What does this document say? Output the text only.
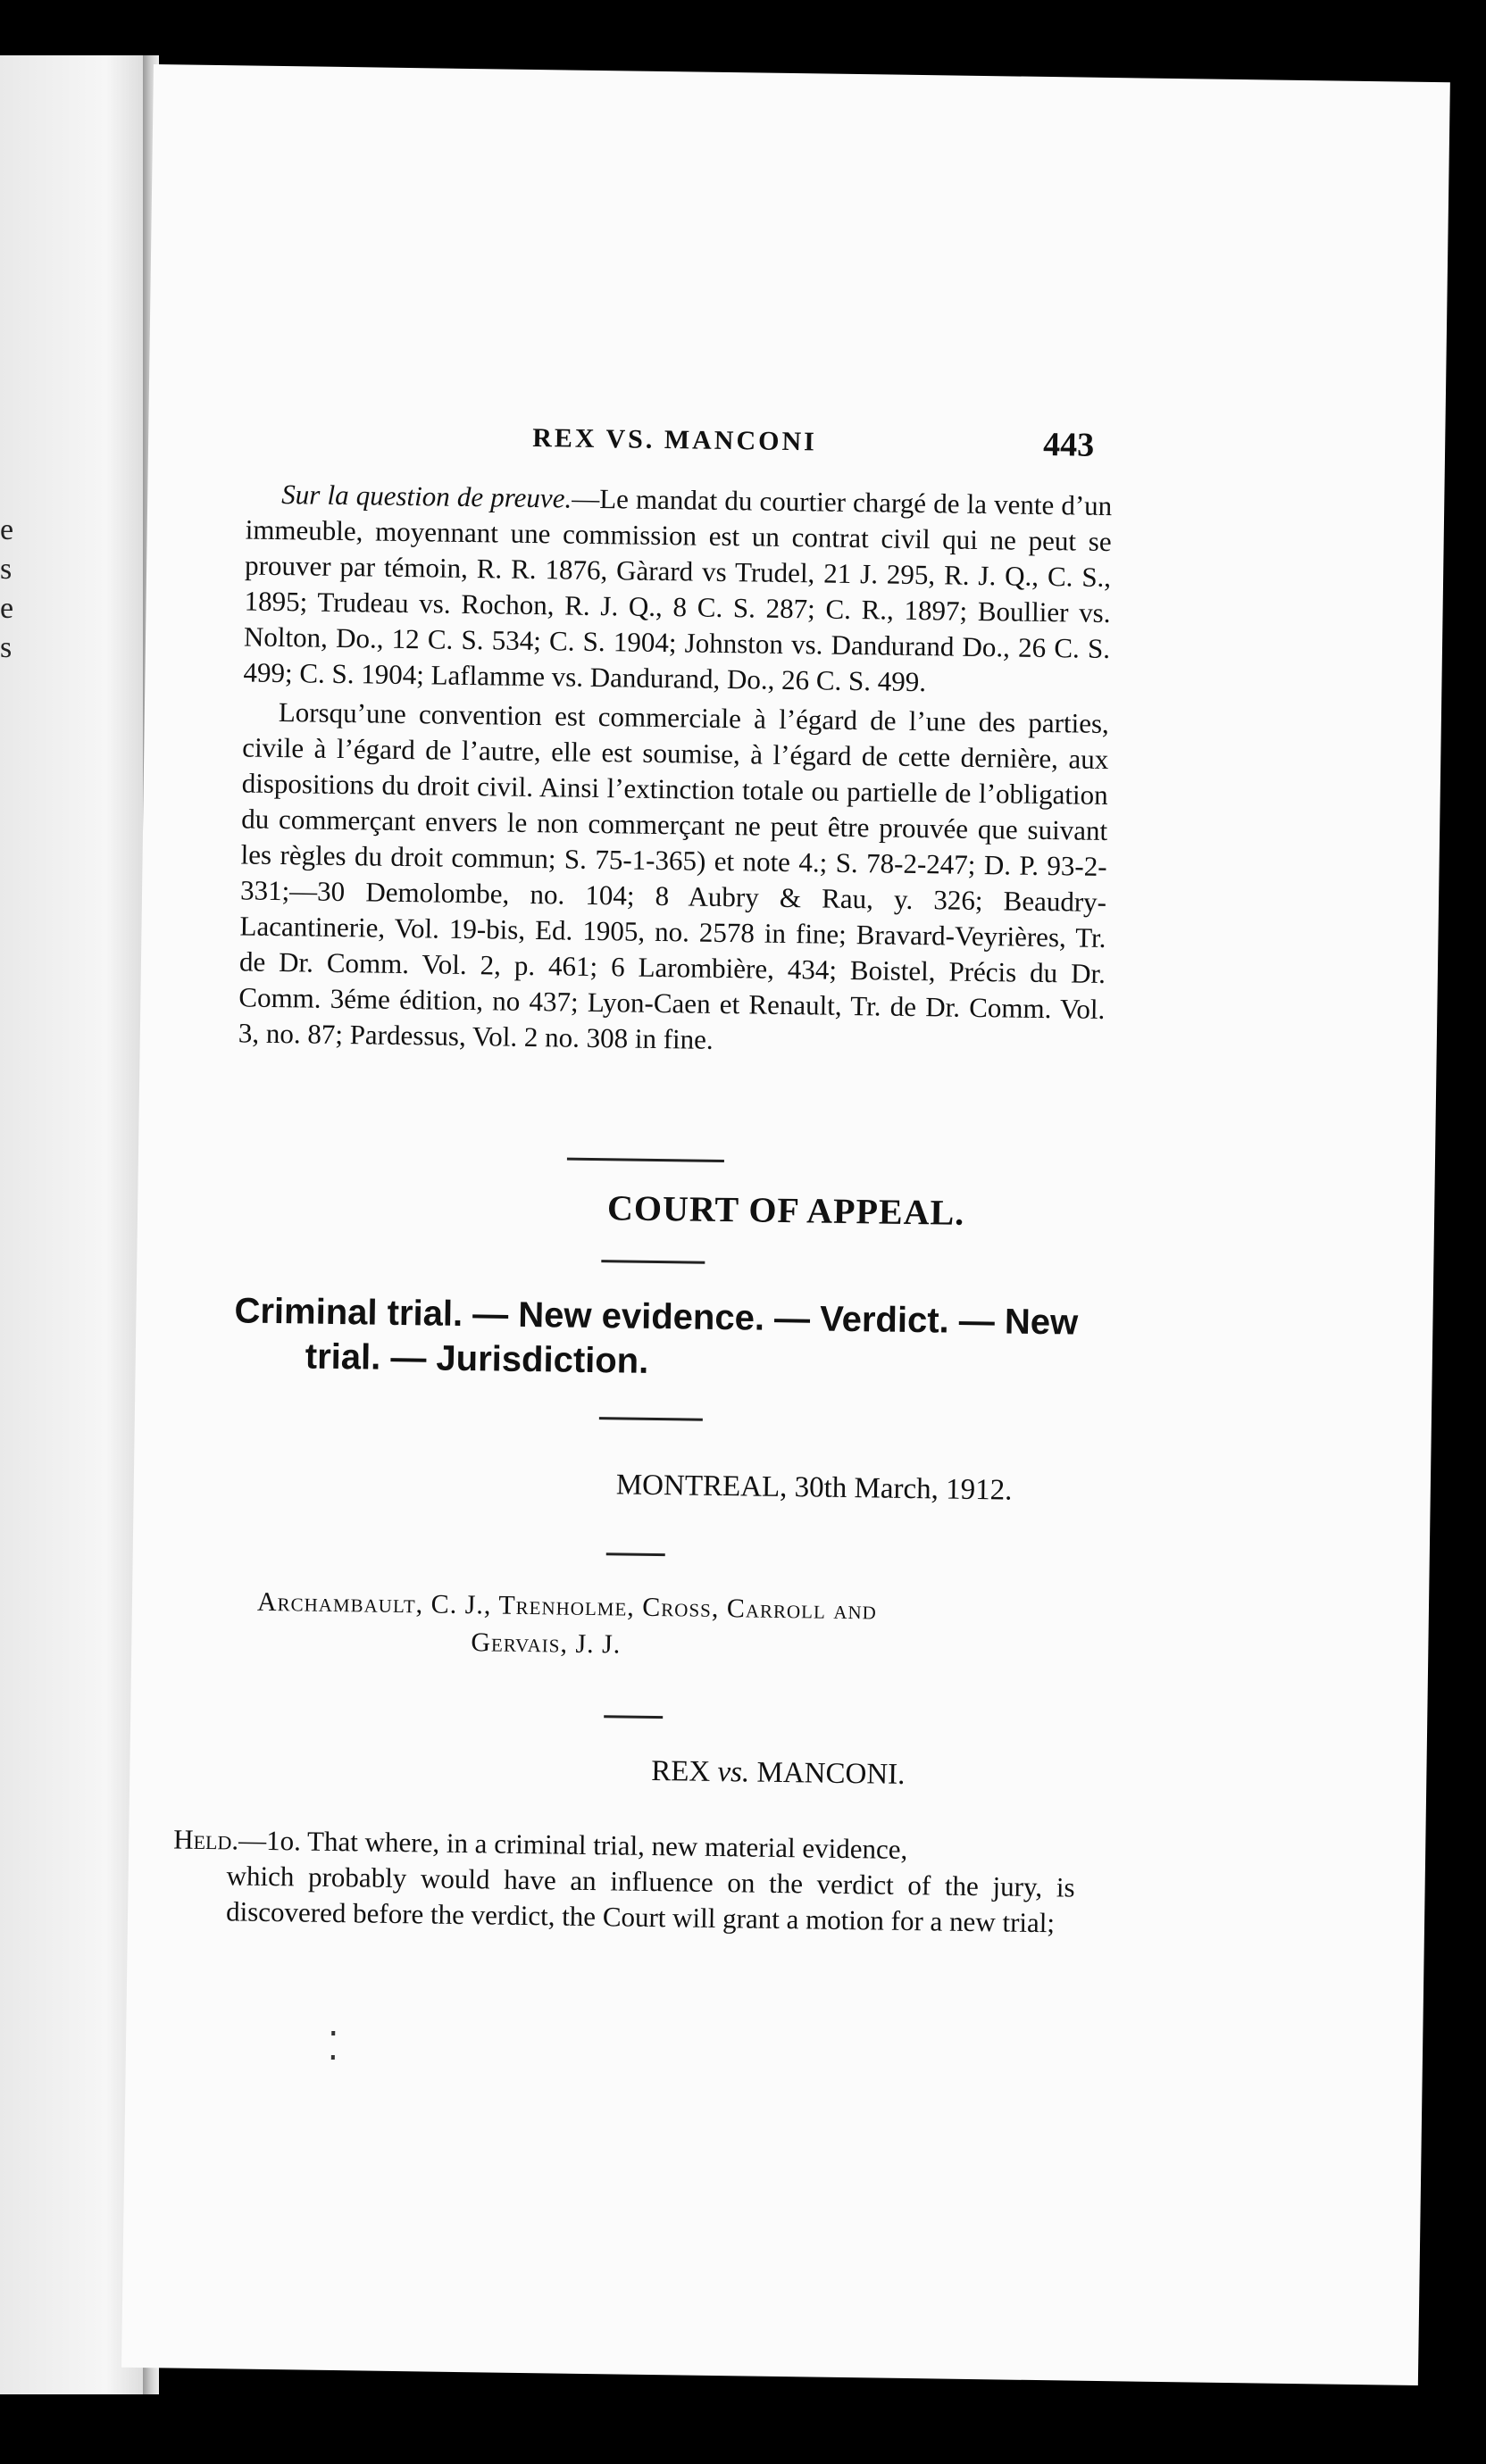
e
s
e
s
REX VS. MANCONI	443

Sur la question de preuve.—Le mandat du courtier chargé de la vente d’un immeuble, moyennant une commission est un contrat civil qui ne peut se prouver par témoin, R. R. 1876, Gàrard vs Trudel, 21 J. 295, R. J. Q., C. S., 1895; Trudeau vs. Rochon, R. J. Q., 8 C. S. 287; C. R., 1897; Boullier vs. Nolton, Do., 12 C. S. 534; C. S. 1904; Johnston vs. Dandurand Do., 26 C. S. 499; C. S. 1904; Laflamme vs. Dandurand, Do., 26 C. S. 499.

Lorsqu’une convention est commerciale à l’égard de l’une des parties, civile à l’égard de l’autre, elle est soumise, à l’égard de cette dernière, aux dispositions du droit civil. Ainsi l’extinction totale ou partielle de l’obligation du commerçant envers le non commerçant ne peut être prouvée que suivant les règles du droit commun; S. 75-1-365) et note 4.; S. 78-2-247; D. P. 93-2-331;—30 Demolombe, no. 104; 8 Aubry & Rau, y. 326; Beaudry-Lacantinerie, Vol. 19-bis, Ed. 1905, no. 2578 in fine; Bravard-Veyrières, Tr. de Dr. Comm. Vol. 2, p. 461; 6 Larombière, 434; Boistel, Précis du Dr. Comm. 3éme édition, no 437; Lyon-Caen et Renault, Tr. de Dr. Comm. Vol. 3, no. 87; Pardessus, Vol. 2 no. 308 in fine.

COURT OF APPEAL.
Criminal trial. — New evidence. — Verdict. — New
trial. — Jurisdiction.
MONTREAL, 30th March, 1912.
Archambault, C. J., Trenholme, Cross, Carroll and
Gervais, J. J.
REX vs. MANCONI.
Held.—1o. That where, in a criminal trial, new material evidence,
which probably would have an influence on the verdict of the jury, is discovered before the verdict, the Court will grant a motion for a new trial;
